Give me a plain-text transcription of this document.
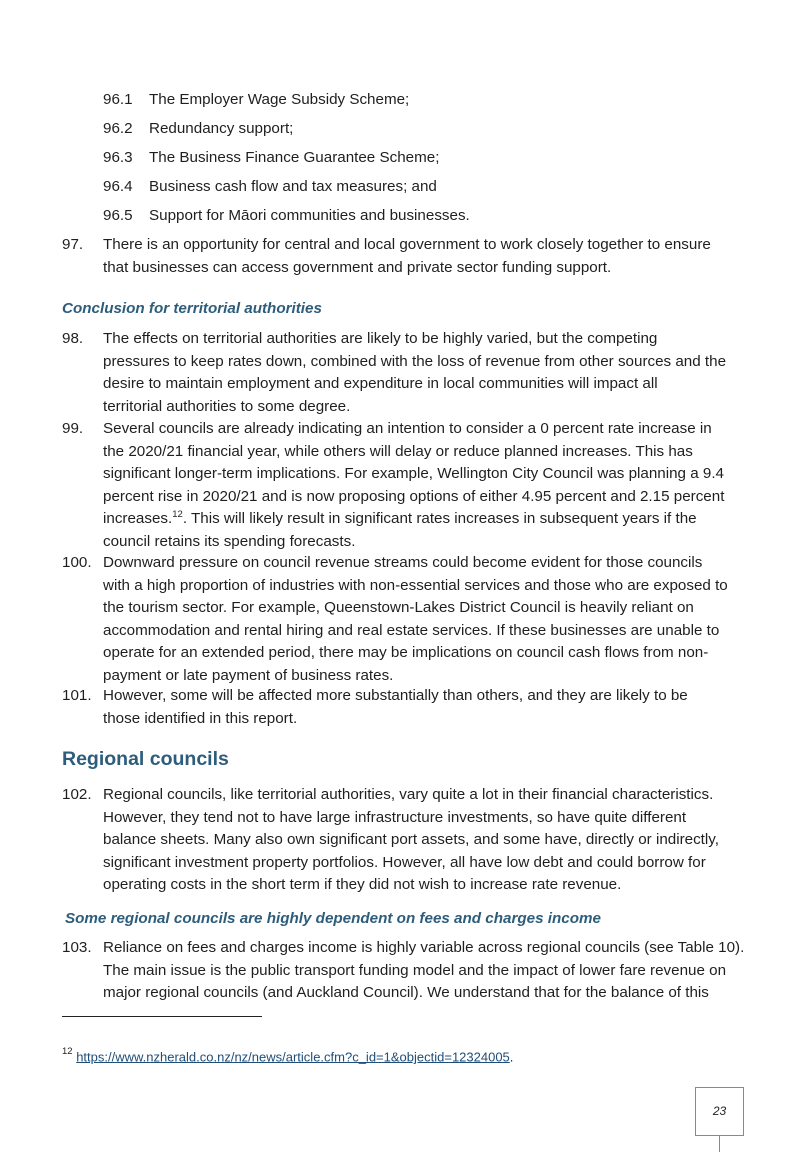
96.1 The Employer Wage Subsidy Scheme;
96.2 Redundancy support;
96.3 The Business Finance Guarantee Scheme;
96.4 Business cash flow and tax measures; and
96.5 Support for Māori communities and businesses.
97. There is an opportunity for central and local government to work closely together to ensure
that businesses can access government and private sector funding support.
Conclusion for territorial authorities
98. The effects on territorial authorities are likely to be highly varied, but the competing
pressures to keep rates down, combined with the loss of revenue from other sources and the
desire to maintain employment and expenditure in local communities will impact all
territorial authorities to some degree.
99. Several councils are already indicating an intention to consider a 0 percent rate increase in
the 2020/21 financial year, while others will delay or reduce planned increases. This has
significant longer-term implications. For example, Wellington City Council was planning a 9.4
percent rise in 2020/21 and is now proposing options of either 4.95 percent and 2.15 percent
increases.$^{12}$. This will likely result in significant rates increases in subsequent years if the
council retains its spending forecasts.
100. Downward pressure on council revenue streams could become evident for those councils
with a high proportion of industries with non-essential services and those who are exposed to
the tourism sector. For example, Queenstown-Lakes District Council is heavily reliant on
accommodation and rental hiring and real estate services. If these businesses are unable to
operate for an extended period, there may be implications on council cash flows from non-
payment or late payment of business rates.
101. However, some will be affected more substantially than others, and they are likely to be
those identified in this report.
Regional councils
102. Regional councils, like territorial authorities, vary quite a lot in their financial characteristics.
However, they tend not to have large infrastructure investments, so have quite different
balance sheets. Many also own significant port assets, and some have, directly or indirectly,
significant investment property portfolios. However, all have low debt and could borrow for
operating costs in the short term if they did not wish to increase rate revenue.
Some regional councils are highly dependent on fees and charges income
103. Reliance on fees and charges income is highly variable across regional councils (see Table 10).
The main issue is the public transport funding model and the impact of lower fare revenue on
major regional councils (and Auckland Council). We understand that for the balance of this
$^{12}$ https://www.nzherald.co.nz/nz/news/article.cfm?c_id=1&objectid=12324005.
23
